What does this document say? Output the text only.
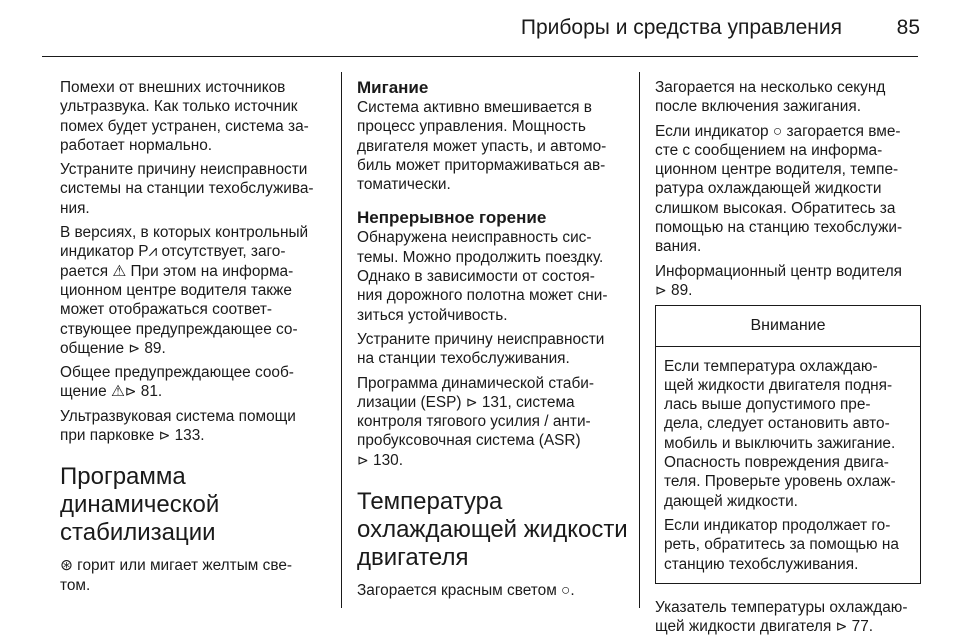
Приборы и средства управления	85

Помехи от внешних источников
ультразвука. Как только источник
помех будет устранен, система за-
работает нормально.

Устраните причину неисправности
системы на станции техобслужива-
ния.

В версиях, в которых контрольный
индикатор P⩘ отсутствует, заго-
рается ⚠ При этом на информа-
ционном центре водителя также
может отображаться соответ-
ствующее предупреждающее со-
общение ⊳ 89.

Общее предупреждающее сооб-
щение ⚠⊳ 81.

Ультразвуковая система помощи
при парковке ⊳ 133.

Программа
динамической
стабилизации

⊛ горит или мигает желтым све-
том.

Мигание

Система активно вмешивается в
процесс управления. Мощность
двигателя может упасть, и автомо-
биль может притормаживаться ав-
томатически.

Непрерывное горение

Обнаружена неисправность сис-
темы. Можно продолжить поездку.
Однако в зависимости от состоя-
ния дорожного полотна может сни-
зиться устойчивость.

Устраните причину неисправности
на станции техобслуживания.

Программа динамической стаби-
лизации (ESP) ⊳ 131, система
контроля тягового усилия / анти-
пробуксовочная система (ASR)
⊳ 130.

Температура
охлаждающей жидкости
двигателя

Загорается красным светом ○.

Загорается на несколько секунд
после включения зажигания.

Если индикатор ○ загорается вме-
сте с сообщением на информа-
ционном центре водителя, темпе-
ратура охлаждающей жидкости
слишком высокая. Обратитесь за
помощью на станцию техобслужи-
вания.

Информационный центр водителя
⊳ 89.

Внимание

Если температура охлаждаю-
щей жидкости двигателя подня-
лась выше допустимого пре-
дела, следует остановить авто-
мобиль и выключить зажигание.
Опасность повреждения двига-
теля. Проверьте уровень охлаж-
дающей жидкости.

Если индикатор продолжает го-
реть, обратитесь за помощью на
станцию техобслуживания.

Указатель температуры охлаждаю-
щей жидкости двигателя ⊳ 77.
